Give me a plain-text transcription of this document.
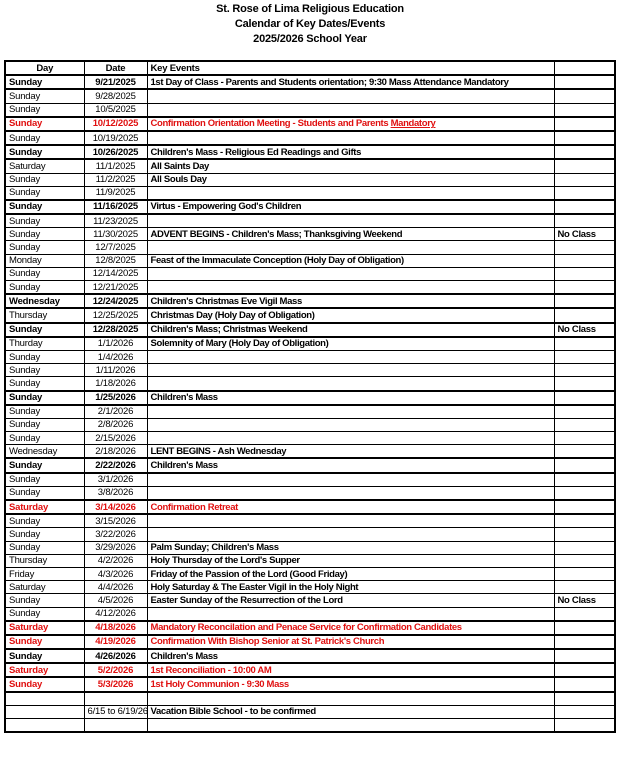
St. Rose of Lima Religious Education
Calendar of Key Dates/Events
2025/2026 School Year
Day	Date	Key Events	
Sunday	9/21/2025	1st Day of Class - Parents and Students orientation; 9:30 Mass Attendance Mandatory	
Sunday	9/28/2025		
Sunday	10/5/2025		
Sunday	10/12/2025	Confirmation Orientation Meeting - Students and Parents Mandatory	
Sunday	10/19/2025		
Sunday	10/26/2025	Children's Mass - Religious Ed Readings and Gifts	
Saturday	11/1/2025	All Saints Day	
Sunday	11/2/2025	All Souls Day	
Sunday	11/9/2025		
Sunday	11/16/2025	Virtus - Empowering God's Children	
Sunday	11/23/2025		
Sunday	11/30/2025	ADVENT BEGINS - Children's Mass; Thanksgiving Weekend	No Class
Sunday	12/7/2025		
Monday	12/8/2025	Feast of the Immaculate Conception (Holy Day of Obligation)	
Sunday	12/14/2025		
Sunday	12/21/2025		
Wednesday	12/24/2025	Children's Christmas Eve Vigil Mass	
Thursday	12/25/2025	Christmas Day (Holy Day of Obligation)	
Sunday	12/28/2025	Children's Mass; Christmas Weekend	No Class
Thurday	1/1/2026	Solemnity of Mary (Holy Day of Obligation)	
Sunday	1/4/2026		
Sunday	1/11/2026		
Sunday	1/18/2026		
Sunday	1/25/2026	Children's Mass	
Sunday	2/1/2026		
Sunday	2/8/2026		
Sunday	2/15/2026		
Wednesday	2/18/2026	LENT BEGINS - Ash Wednesday	
Sunday	2/22/2026	Children's Mass	
Sunday	3/1/2026		
Sunday	3/8/2026		
Saturday	3/14/2026	Confirmation Retreat	
Sunday	3/15/2026		
Sunday	3/22/2026		
Sunday	3/29/2026	Palm Sunday; Children's Mass	
Thursday	4/2/2026	Holy Thursday of the Lord's Supper	
Friday	4/3/2026	Friday of the Passion of the Lord (Good Friday)	
Saturday	4/4/2026	Holy Saturday & The Easter Vigil in the Holy Night	
Sunday	4/5/2026	Easter Sunday of the Resurrection of the Lord	No Class
Sunday	4/12/2026		
Saturday	4/18/2026	Mandatory Reconcilation and Penace Service for Confirmation Candidates	
Sunday	4/19/2026	Confirmation With Bishop Senior at St. Patrick's Church	
Sunday	4/26/2026	Children's Mass	
Saturday	5/2/2026	1st Reconciliation - 10:00 AM	
Sunday	5/3/2026	1st Holy Communion - 9:30 Mass	

	6/15 to 6/19/26	Vacation Bible School - to be confirmed	
